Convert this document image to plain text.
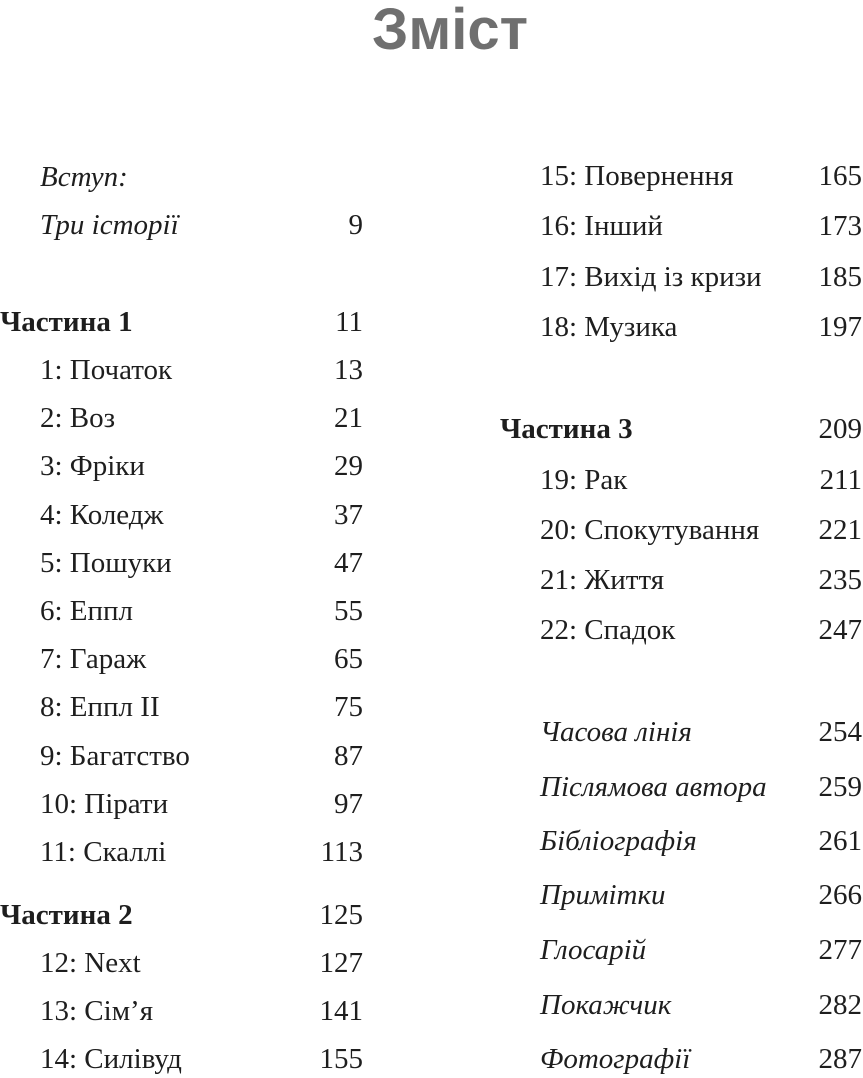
Зміст
Вступ:
Три історії	9
Частина 1	11
1: Початок	13
2: Воз	21
3: Фріки	29
4: Коледж	37
5: Пошуки	47
6: Еппл	55
7: Гараж	65
8: Еппл II	75
9: Багатство	87
10: Пірати	97
11: Скаллі	113
Частина 2	125
12: Next	127
13: Сім’я	141
14: Силівуд	155
15: Повернення	165
16: Інший	173
17: Вихід із кризи 185
18: Музика	197
Частина 3	209
19: Рак	211
20: Спокутування 221
21: Життя	235
22: Спадок	247
Часова лінія	254
Післямова автора 259
Бібліографія	261
Примітки	266
Глосарій	277
Покажчик	282
Фотографії	287
